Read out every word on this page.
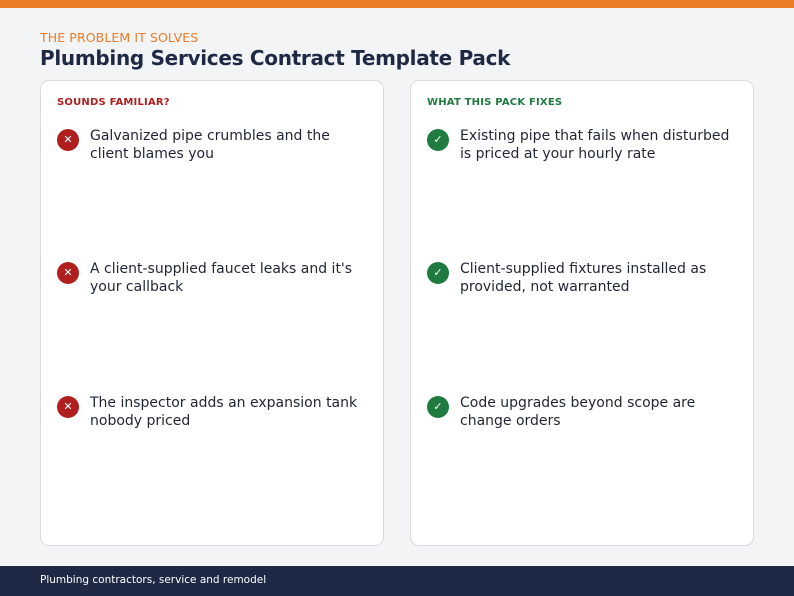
THE PROBLEM IT SOLVES
Plumbing Services Contract Template Pack
SOUNDS FAMILIAR?
✕	Galvanized pipe crumbles and the client blames you
✕	A client-supplied faucet leaks and it's your callback
✕	The inspector adds an expansion tank nobody priced
WHAT THIS PACK FIXES
✓	Existing pipe that fails when disturbed is priced at your hourly rate
✓	Client-supplied fixtures installed as provided, not warranted
✓	Code upgrades beyond scope are change orders
Plumbing contractors, service and remodel
